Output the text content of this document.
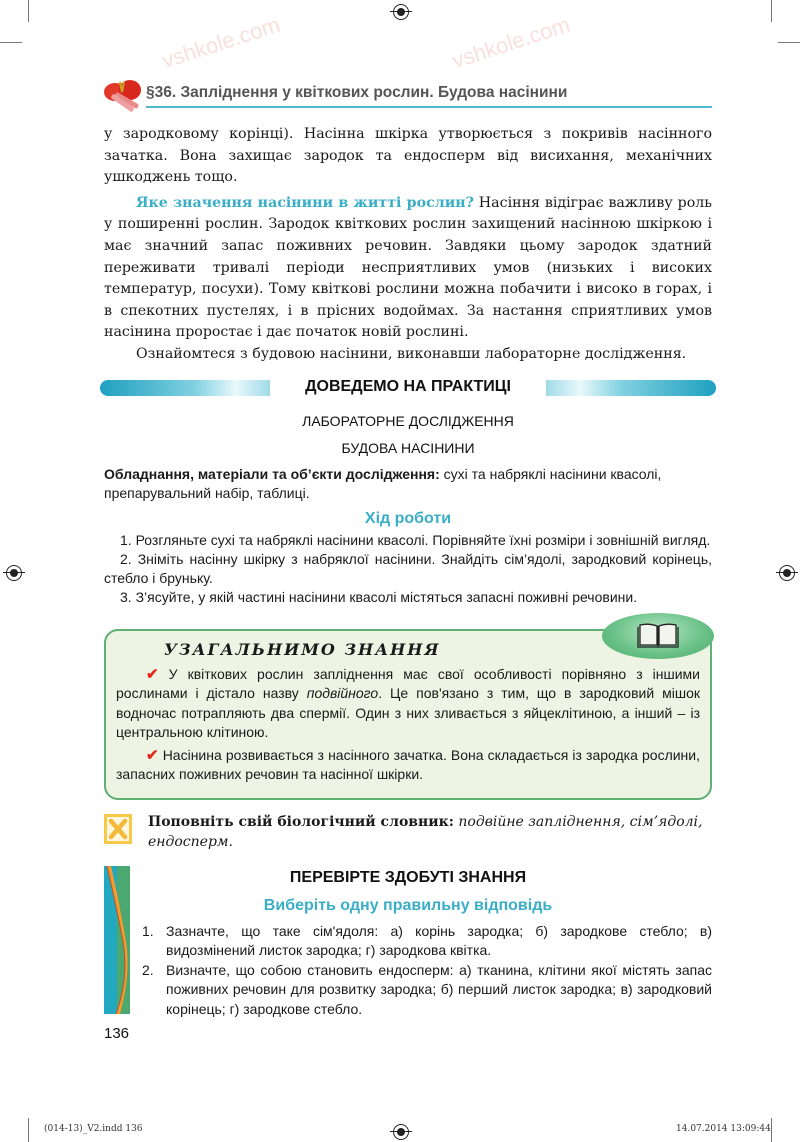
vshkole.com	vshkole.com
§36. Запліднення у квіткових рослин. Будова насінини

у зародковому корінці). Насінна шкірка утворюється з покривів насінного зачатка. Вона захищає зародок та ендосперм від висихання, механічних ушкоджень тощо.

Яке значення насінини в житті рослин? Насіння відіграє важливу роль у поширенні рослин. Зародок квіткових рослин захищений насінною шкіркою і має значний запас поживних речовин. Завдяки цьому зародок здатний переживати тривалі періоди несприятливих умов (низьких і високих температур, посухи). Тому квіткові рослини можна побачити і високо в горах, і в спекотних пустелях, і в прісних водоймах. За настання сприятливих умов насінина проростає і дає початок новій рослині.

Ознайомтеся з будовою насінини, виконавши лабораторне дослідження.

ДОВЕДЕМО НА ПРАКТИЦІ
ЛАБОРАТОРНЕ ДОСЛІДЖЕННЯ
БУДОВА НАСІНИНИ
Обладнання, матеріали та об’єкти дослідження: сухі та набряклі насінини квасолі, препарувальний набір, таблиці.
Хід роботи
1. Розгляньте сухі та набряклі насінини квасолі. Порівняйте їхні розміри і зовнішній вигляд.
2. Зніміть насінну шкірку з набряклої насінини. Знайдіть сім’ядолі, зародковий корінець, стебло і бруньку.
3. З’ясуйте, у якій частині насінини квасолі містяться запасні поживні речовини.
УЗАГАЛЬНИМО ЗНАННЯ
✔ У квіткових рослин запліднення має свої особливості порівняно з іншими рослинами і дістало назву подвійного. Це пов'язано з тим, що в зародковий мішок водночас потрапляють два спермії. Один з них зливається з яйцеклітиною, а інший – із центральною клітиною.
✔ Насінина розвивається з насінного зачатка. Вона складається із зародка рослини, запасних поживних речовин та насінної шкірки.
Поповніть свій біологічний словник: подвійне запліднення, сім’ядолі, ендосперм.
ПЕРЕВІРТЕ ЗДОБУТІ ЗНАННЯ
Виберіть одну правильну відповідь
1. Зазначте, що таке сім'ядоля: а) корінь зародка; б) зародкове стебло; в) видозмінений листок зародка; г) зародкова квітка.
2. Визначте, що собою становить ендосперм: а) тканина, клітини якої містять запас поживних речовин для розвитку зародка; б) перший листок зародка; в) зародковий корінець; г) зародкове стебло.
136
(014-13)_V2.indd 136	14.07.2014 13:09:44
